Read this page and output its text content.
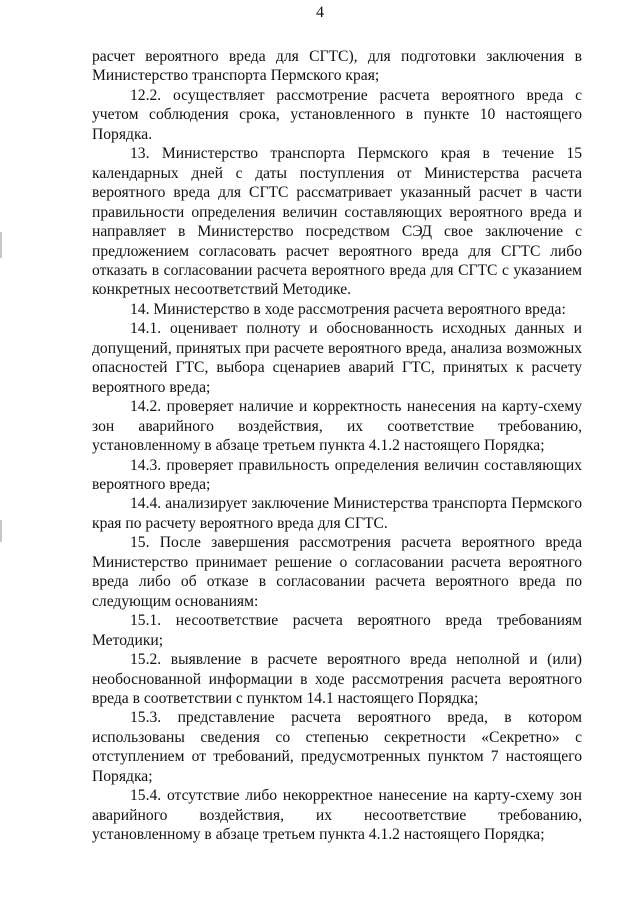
4

расчет вероятного вреда для СГТС), для подготовки заключения в Министерство транспорта Пермского края;

12.2. осуществляет рассмотрение расчета вероятного вреда с учетом соблюдения срока, установленного в пункте 10 настоящего Порядка.

13. Министерство транспорта Пермского края в течение 15 календарных дней с даты поступления от Министерства расчета вероятного вреда для СГТС рассматривает указанный расчет в части правильности определения величин составляющих вероятного вреда и направляет в Министерство посредством СЭД свое заключение с предложением согласовать расчет вероятного вреда для СГТС либо отказать в согласовании расчета вероятного вреда для СГТС с указанием конкретных несоответствий Методике.

14. Министерство в ходе рассмотрения расчета вероятного вреда:

14.1. оценивает полноту и обоснованность исходных данных и допущений, принятых при расчете вероятного вреда, анализа возможных опасностей ГТС, выбора сценариев аварий ГТС, принятых к расчету вероятного вреда;

14.2. проверяет наличие и корректность нанесения на карту-схему зон аварийного воздействия, их соответствие требованию, установленному в абзаце третьем пункта 4.1.2 настоящего Порядка;

14.3. проверяет правильность определения величин составляющих вероятного вреда;

14.4. анализирует заключение Министерства транспорта Пермского края по расчету вероятного вреда для СГТС.

15. После завершения рассмотрения расчета вероятного вреда Министерство принимает решение о согласовании расчета вероятного вреда либо об отказе в согласовании расчета вероятного вреда по следующим основаниям:

15.1. несоответствие расчета вероятного вреда требованиям Методики;

15.2. выявление в расчете вероятного вреда неполной и (или) необоснованной информации в ходе рассмотрения расчета вероятного вреда в соответствии с пунктом 14.1 настоящего Порядка;

15.3. представление расчета вероятного вреда, в котором использованы сведения со степенью секретности «Секретно» с отступлением от требований, предусмотренных пунктом 7 настоящего Порядка;

15.4. отсутствие либо некорректное нанесение на карту-схему зон аварийного воздействия, их несоответствие требованию, установленному в абзаце третьем пункта 4.1.2 настоящего Порядка;
